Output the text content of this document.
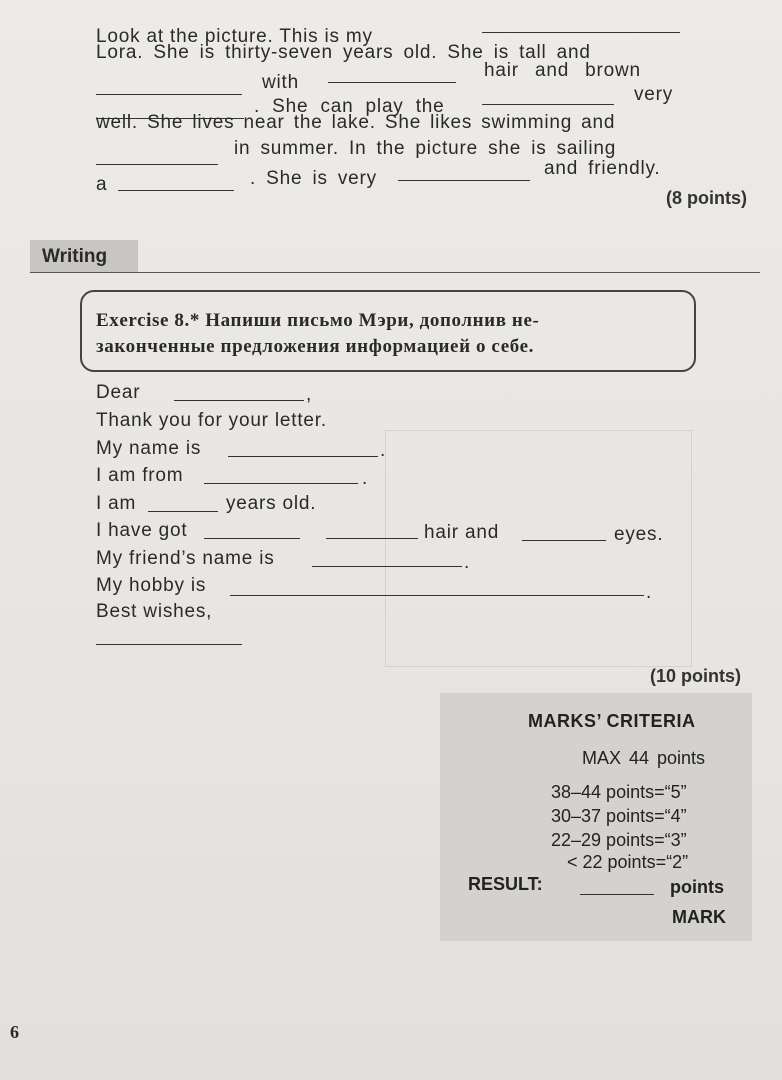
Look at the picture. This is my
Lora. She is thirty-seven years old. She is tall and
with
hair and brown
. She can play the
very
well. She lives near the lake. She likes swimming and
in summer. In the picture she is sailing
a	. She is very	and friendly.
(8 points)
Writing
Exercise 8.* Напиши письмо Мэри, дополнив не-
законченные предложения информацией о себе.
Dear	,
Thank you for your letter.
My name is	.
I am from	.
I am	years old.
I have got	hair and	eyes.
My friend’s name is	.
My hobby is	.
Best wishes,
(10 points)
MARKS’ CRITERIA
MAX 44 points
38–44 points=“5”
30–37 points=“4”
22–29 points=“3”
< 22 points=“2”
RESULT:	points
MARK
6
